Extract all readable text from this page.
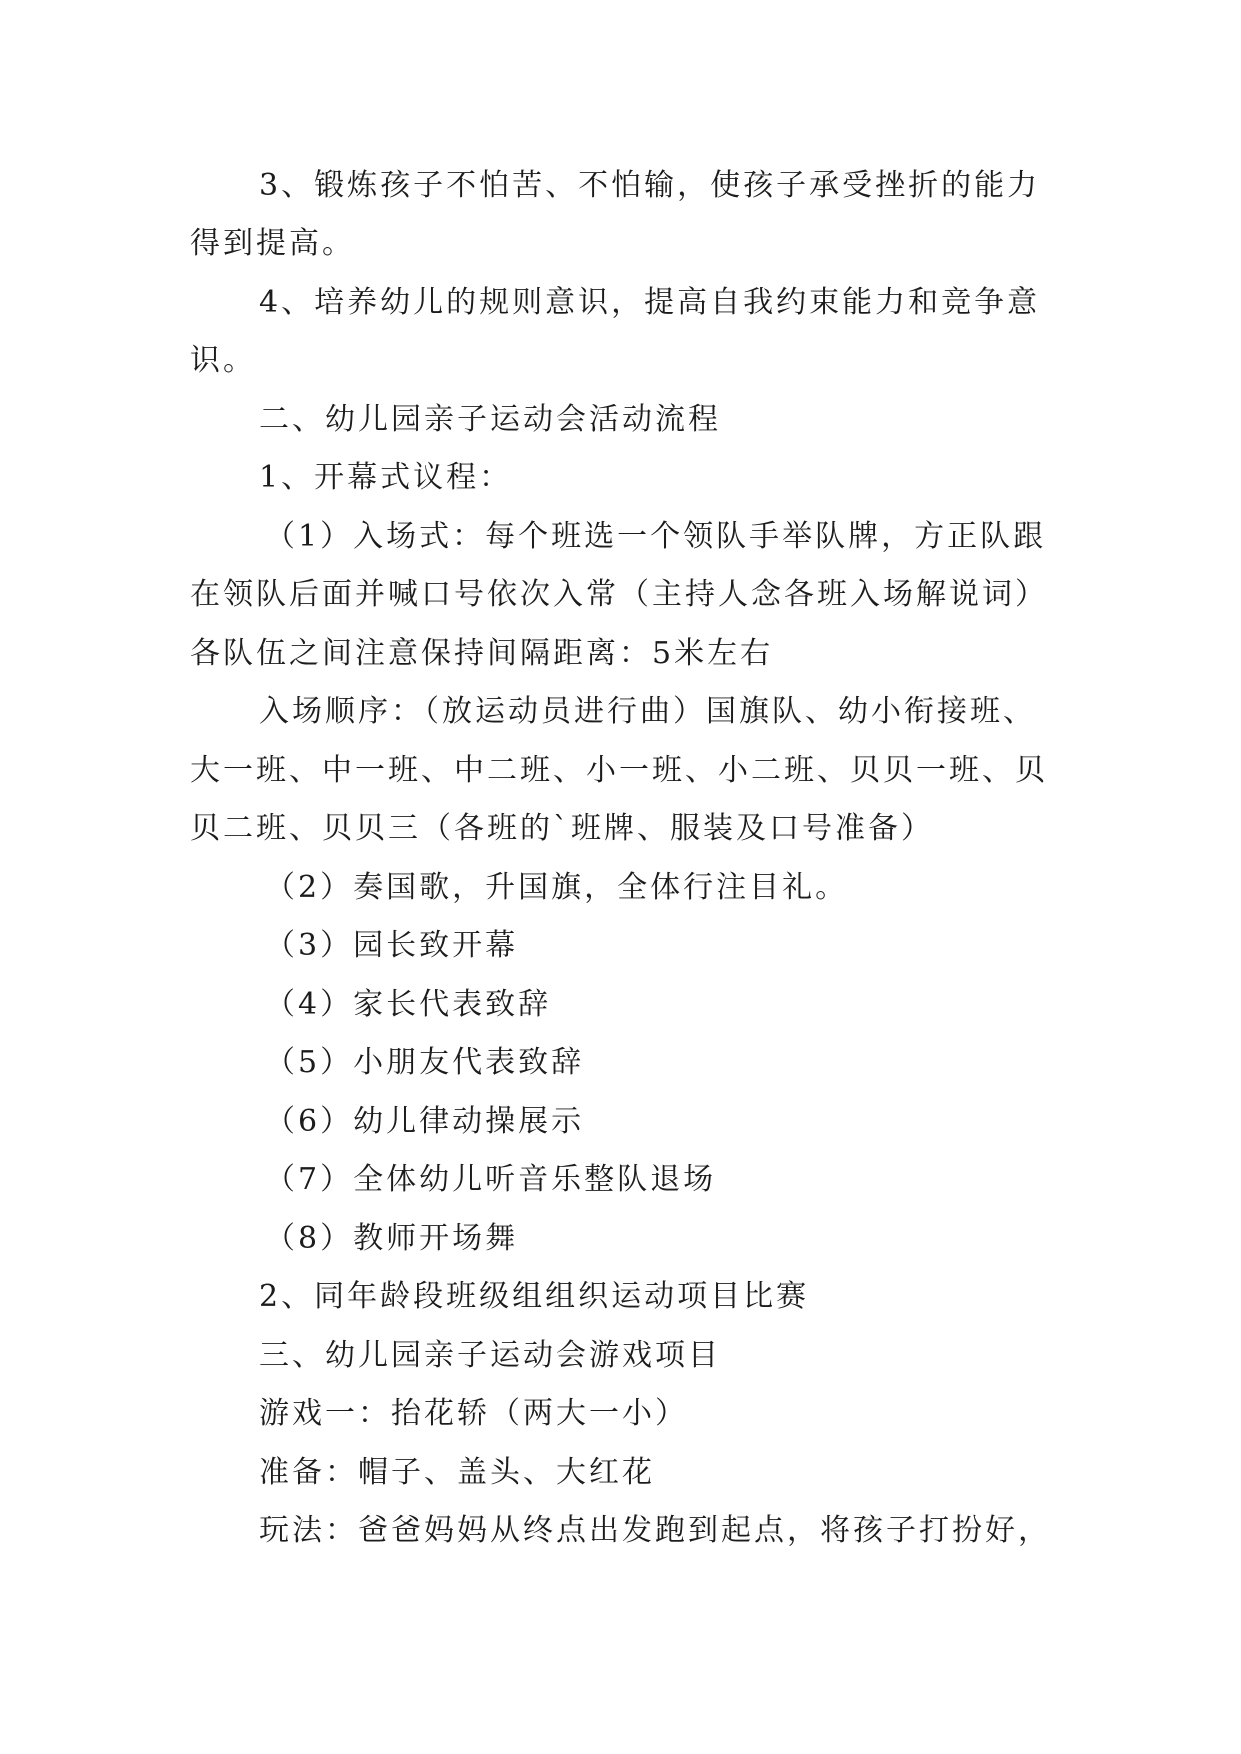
3、锻炼孩子不怕苦、不怕输，使孩子承受挫折的能力
得到提高。
4、培养幼儿的规则意识，提高自我约束能力和竞争意
识。
二、幼儿园亲子运动会活动流程
1、开幕式议程：
（1）入场式：每个班选一个领队手举队牌，方正队跟
在领队后面并喊口号依次入常（主持人念各班入场解说词）
各队伍之间注意保持间隔距离：5米左右
入场顺序：（放运动员进行曲）国旗队、幼小衔接班、
大一班、中一班、中二班、小一班、小二班、贝贝一班、贝
贝二班、贝贝三（各班的`班牌、服装及口号准备）
（2）奏国歌，升国旗，全体行注目礼。
（3）园长致开幕
（4）家长代表致辞
（5）小朋友代表致辞
（6）幼儿律动操展示
（7）全体幼儿听音乐整队退场
（8）教师开场舞
2、同年龄段班级组组织运动项目比赛
三、幼儿园亲子运动会游戏项目
游戏一：抬花轿（两大一小）
准备：帽子、盖头、大红花
玩法：爸爸妈妈从终点出发跑到起点，将孩子打扮好，
